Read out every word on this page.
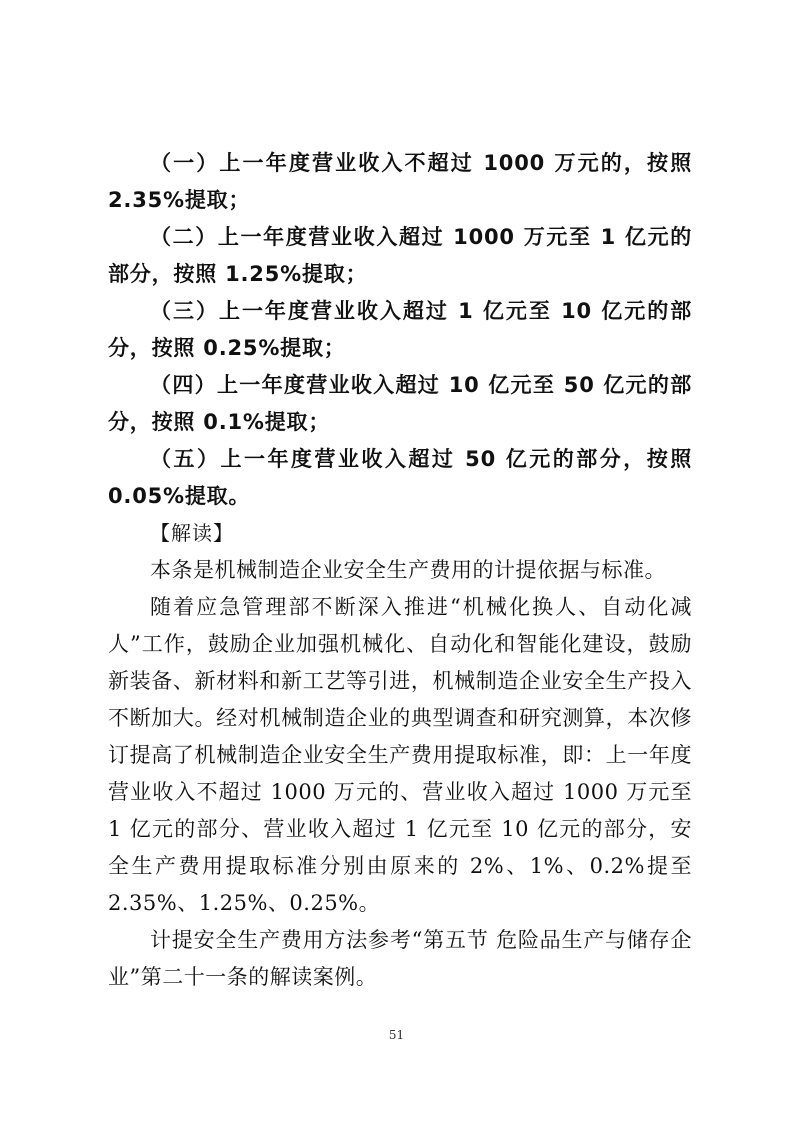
（一）上一年度营业收入不超过 1000 万元的，按照 2.35%提取；

（二）上一年度营业收入超过 1000 万元至 1 亿元的部分，按照 1.25%提取；

（三）上一年度营业收入超过 1 亿元至 10 亿元的部分，按照 0.25%提取；

（四）上一年度营业收入超过 10 亿元至 50 亿元的部分，按照 0.1%提取；

（五）上一年度营业收入超过 50 亿元的部分，按照 0.05%提取。

【解读】

本条是机械制造企业安全生产费用的计提依据与标准。

随着应急管理部不断深入推进“机械化换人、自动化减人”工作，鼓励企业加强机械化、自动化和智能化建设，鼓励新装备、新材料和新工艺等引进，机械制造企业安全生产投入不断加大。经对机械制造企业的典型调查和研究测算，本次修订提高了机械制造企业安全生产费用提取标准，即：上一年度营业收入不超过 1000 万元的、营业收入超过 1000 万元至 1 亿元的部分、营业收入超过 1 亿元至 10 亿元的部分，安全生产费用提取标准分别由原来的 2%、1%、0.2%提至 2.35%、1.25%、0.25%。

计提安全生产费用方法参考“第五节 危险品生产与储存企业”第二十一条的解读案例。

51
